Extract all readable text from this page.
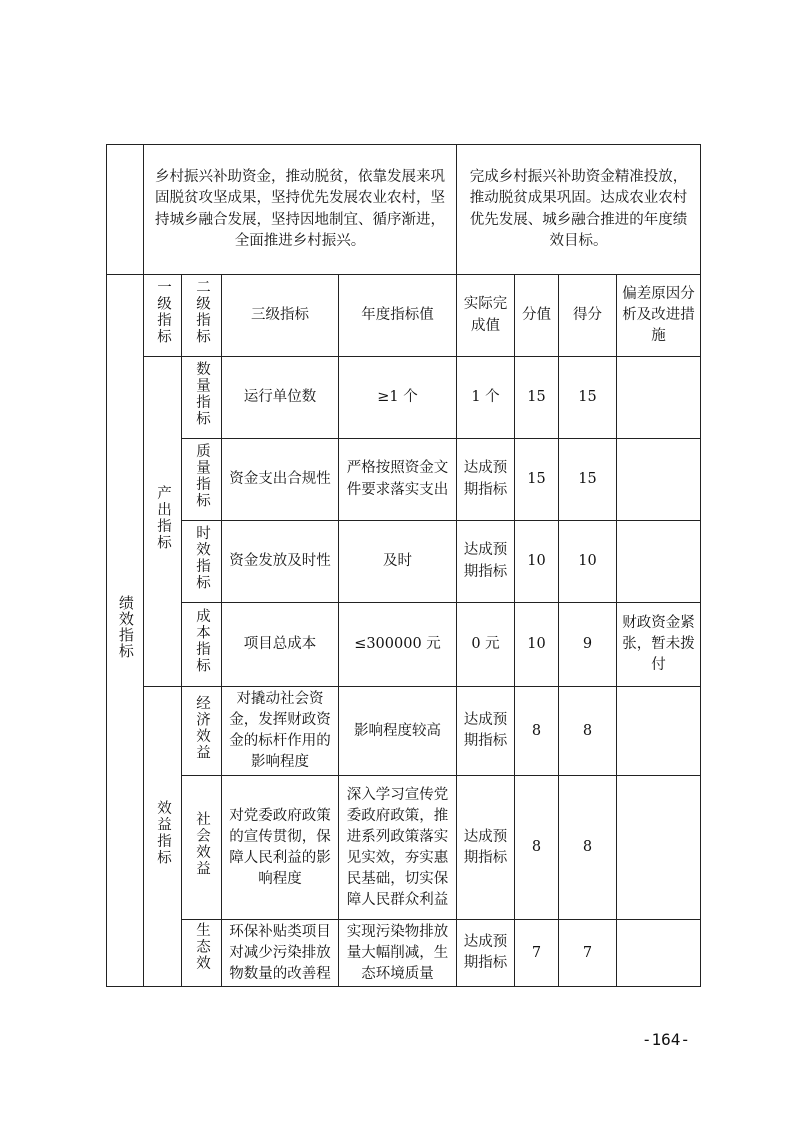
	乡村振兴补助资金，推动脱贫，依靠发展来巩固脱贫攻坚成果，坚持优先发展农业农村，坚持城乡融合发展，坚持因地制宜、循序渐进，全面推进乡村振兴。				完成乡村振兴补助资金精准投放，推动脱贫成果巩固。达成农业农村优先发展、城乡融合推进的年度绩效目标。			
绩效指标	一级指标	二级指标	三级指标	年度指标值	实际完成值	分值	得分	偏差原因分析及改进措施
	产出指标	数量指标	运行单位数	≥1 个	1 个	15	15	
		质量指标	资金支出合规性	严格按照资金文件要求落实支出	达成预期指标	15	15	
		时效指标	资金发放及时性	及时	达成预期指标	10	10	
		成本指标	项目总成本	≤300000 元	0 元	10	9	财政资金紧张，暂未拨付
	效益指标	经济效益	对撬动社会资金，发挥财政资金的标杆作用的影响程度	影响程度较高	达成预期指标	8	8	
		社会效益	对党委政府政策的宣传贯彻，保障人民利益的影响程度	深入学习宣传党委政府政策，推进系列政策落实见实效，夯实惠民基础，切实保障人民群众利益	达成预期指标	8	8	

		生态效	环保补贴类项目对减少污染排放物数量的改善程	实现污染物排放量大幅削减，生态环境质量	达成预期指标	7	7	
-164-
